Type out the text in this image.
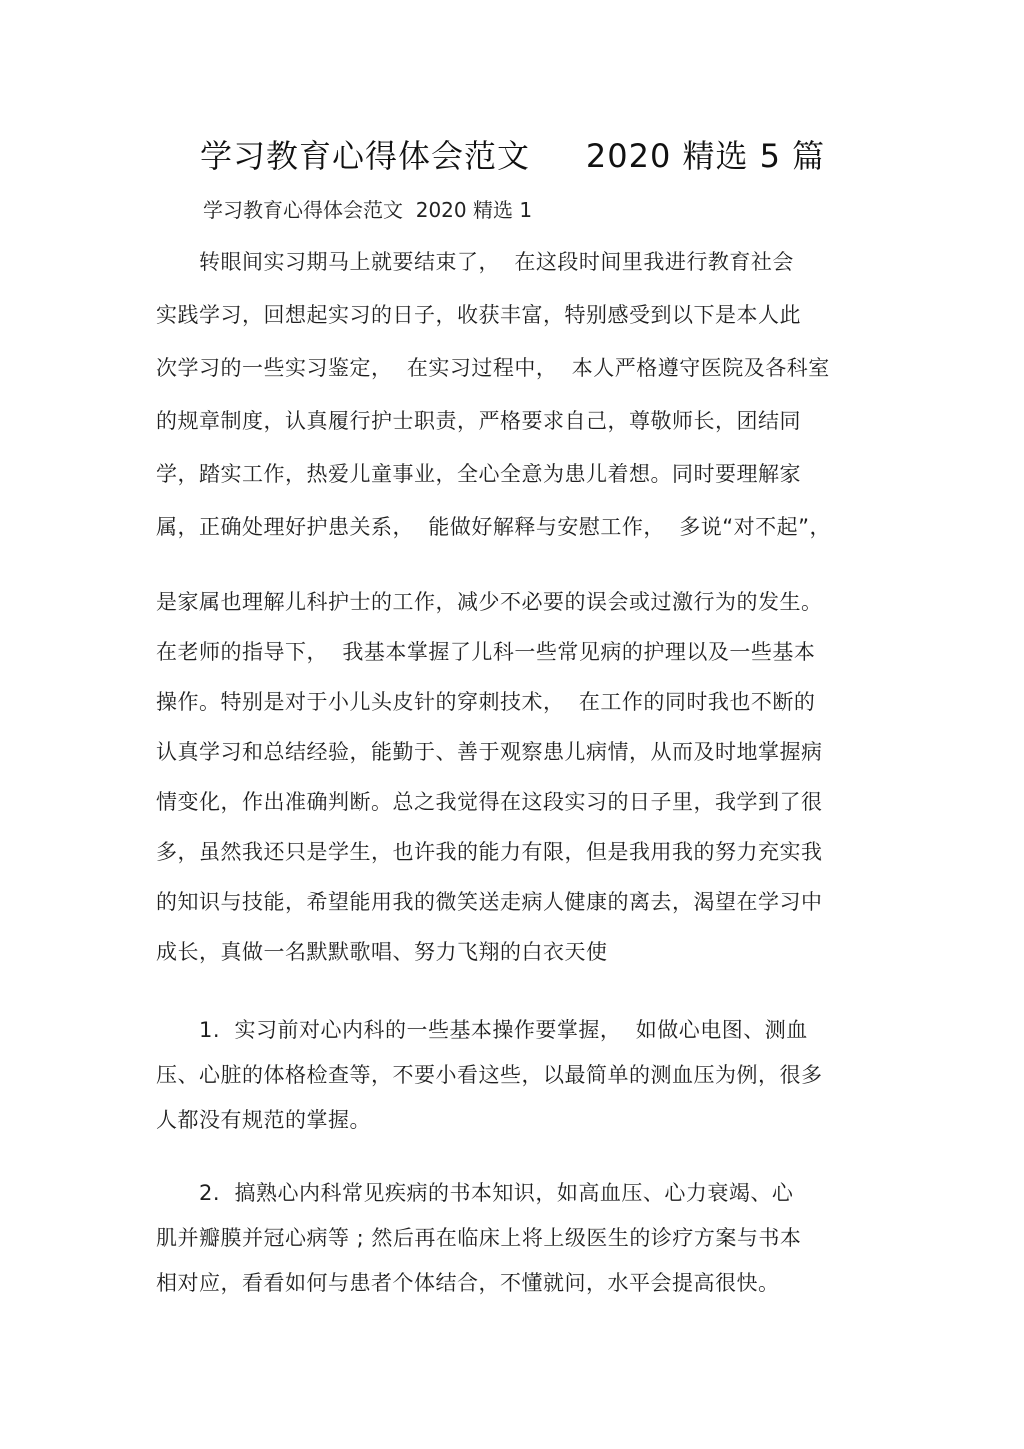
学习教育心得体会范文     2020 精选 5 篇
学习教育心得体会范文  2020 精选 1
转眼间实习期马上就要结束了，  在这段时间里我进行教育社会
实践学习，回想起实习的日子，收获丰富，特别感受到以下是本人此
次学习的一些实习鉴定，  在实习过程中，  本人严格遵守医院及各科室
的规章制度，认真履行护士职责，严格要求自己，尊敬师长，团结同
学，踏实工作，热爱儿童事业，全心全意为患儿着想。同时要理解家
属，正确处理好护患关系，  能做好解释与安慰工作，  多说“对不起”，
是家属也理解儿科护士的工作，减少不必要的误会或过激行为的发生。
在老师的指导下，  我基本掌握了儿科一些常见病的护理以及一些基本
操作。特别是对于小儿头皮针的穿刺技术，  在工作的同时我也不断的
认真学习和总结经验，能勤于、善于观察患儿病情，从而及时地掌握病
情变化，作出准确判断。总之我觉得在这段实习的日子里，我学到了很
多，虽然我还只是学生，也许我的能力有限，但是我用我的努力充实我
的知识与技能，希望能用我的微笑送走病人健康的离去，渴望在学习中
成长，真做一名默默歌唱、努力飞翔的白衣天使
1.  实习前对心内科的一些基本操作要掌握，  如做心电图、测血
压、心脏的体格检查等，不要小看这些，以最简单的测血压为例，很多
人都没有规范的掌握。
2.  搞熟心内科常见疾病的书本知识，如高血压、心力衰竭、心
肌并瓣膜并冠心病等 ; 然后再在临床上将上级医生的诊疗方案与书本
相对应，看看如何与患者个体结合，不懂就问，水平会提高很快。
